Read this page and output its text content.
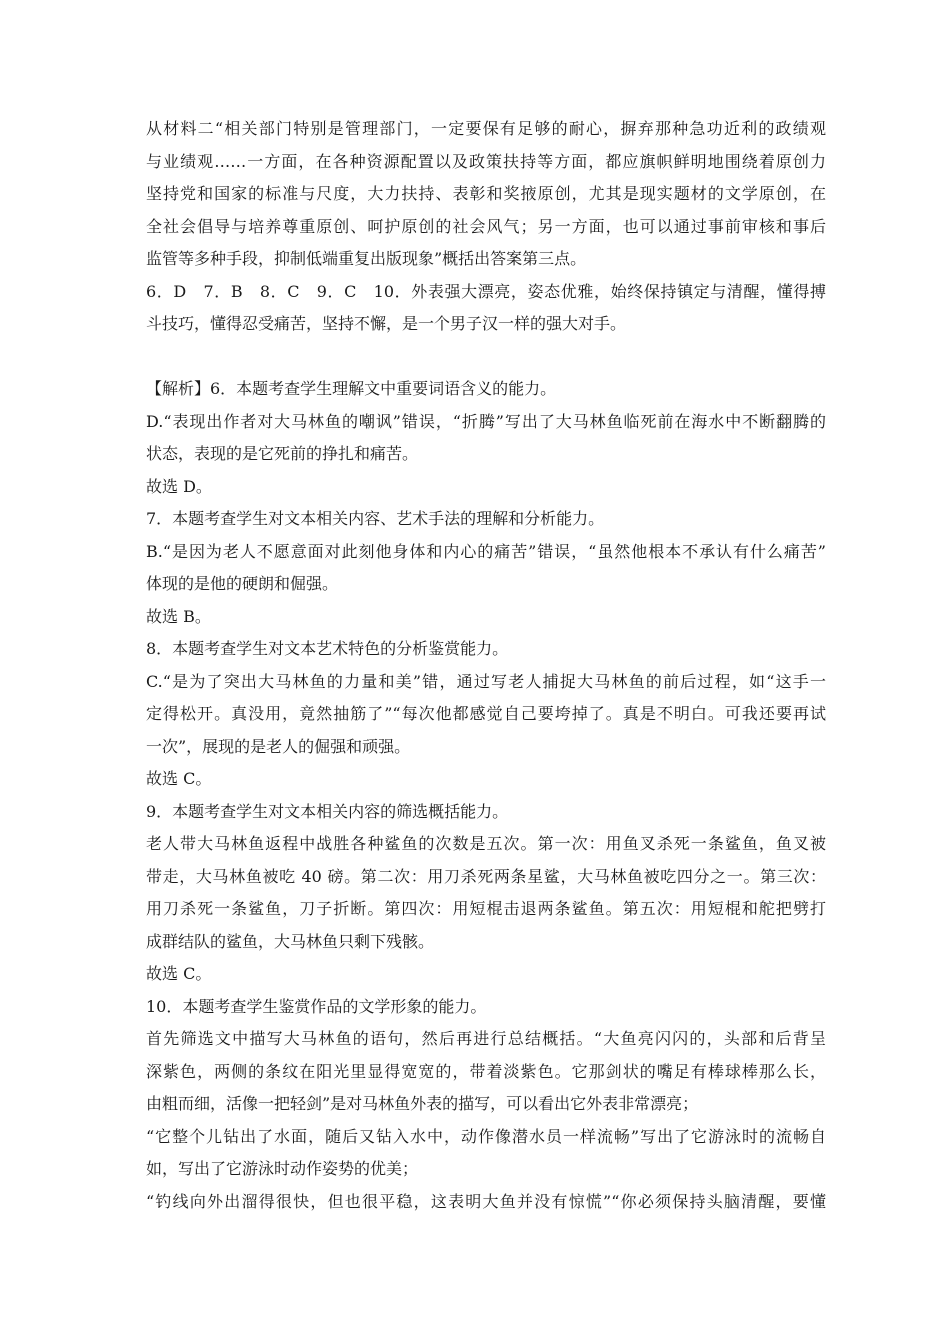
从材料二“相关部门特别是管理部门，一定要保有足够的耐心，摒弃那种急功近利的政绩观
与业绩观……一方面，在各种资源配置以及政策扶持等方面，都应旗帜鲜明地围绕着原创力
坚持党和国家的标准与尺度，大力扶持、表彰和奖掖原创，尤其是现实题材的文学原创，在
全社会倡导与培养尊重原创、呵护原创的社会风气；另一方面，也可以通过事前审核和事后
监管等多种手段，抑制低端重复出版现象”概括出答案第三点。
6．D　7．B　8．C　9．C　10．外表强大漂亮，姿态优雅，始终保持镇定与清醒，懂得搏
斗技巧，懂得忍受痛苦，坚持不懈，是一个男子汉一样的强大对手。
【解析】6．本题考查学生理解文中重要词语含义的能力。
D.“表现出作者对大马林鱼的嘲讽”错误，“折腾”写出了大马林鱼临死前在海水中不断翻腾的
状态，表现的是它死前的挣扎和痛苦。
故选 D。
7．本题考查学生对文本相关内容、艺术手法的理解和分析能力。
B.“是因为老人不愿意面对此刻他身体和内心的痛苦”错误，“虽然他根本不承认有什么痛苦”
体现的是他的硬朗和倔强。
故选 B。
8．本题考查学生对文本艺术特色的分析鉴赏能力。
C.“是为了突出大马林鱼的力量和美”错，通过写老人捕捉大马林鱼的前后过程，如“这手一
定得松开。真没用，竟然抽筋了”“每次他都感觉自己要垮掉了。真是不明白。可我还要再试
一次”，展现的是老人的倔强和顽强。
故选 C。
9．本题考查学生对文本相关内容的筛选概括能力。
老人带大马林鱼返程中战胜各种鲨鱼的次数是五次。第一次：用鱼叉杀死一条鲨鱼，鱼叉被
带走，大马林鱼被吃 40 磅。第二次：用刀杀死两条星鲨，大马林鱼被吃四分之一。第三次：
用刀杀死一条鲨鱼，刀子折断。第四次：用短棍击退两条鲨鱼。第五次：用短棍和舵把劈打
成群结队的鲨鱼，大马林鱼只剩下残骸。
故选 C。
10．本题考查学生鉴赏作品的文学形象的能力。
首先筛选文中描写大马林鱼的语句，然后再进行总结概括。“大鱼亮闪闪的，头部和后背呈
深紫色，两侧的条纹在阳光里显得宽宽的，带着淡紫色。它那剑状的嘴足有棒球棒那么长，
由粗而细，活像一把轻剑”是对马林鱼外表的描写，可以看出它外表非常漂亮；
“它整个儿钻出了水面，随后又钻入水中，动作像潜水员一样流畅”写出了它游泳时的流畅自
如，写出了它游泳时动作姿势的优美；
“钓线向外出溜得很快，但也很平稳，这表明大鱼并没有惊慌”“你必须保持头脑清醒，要懂
